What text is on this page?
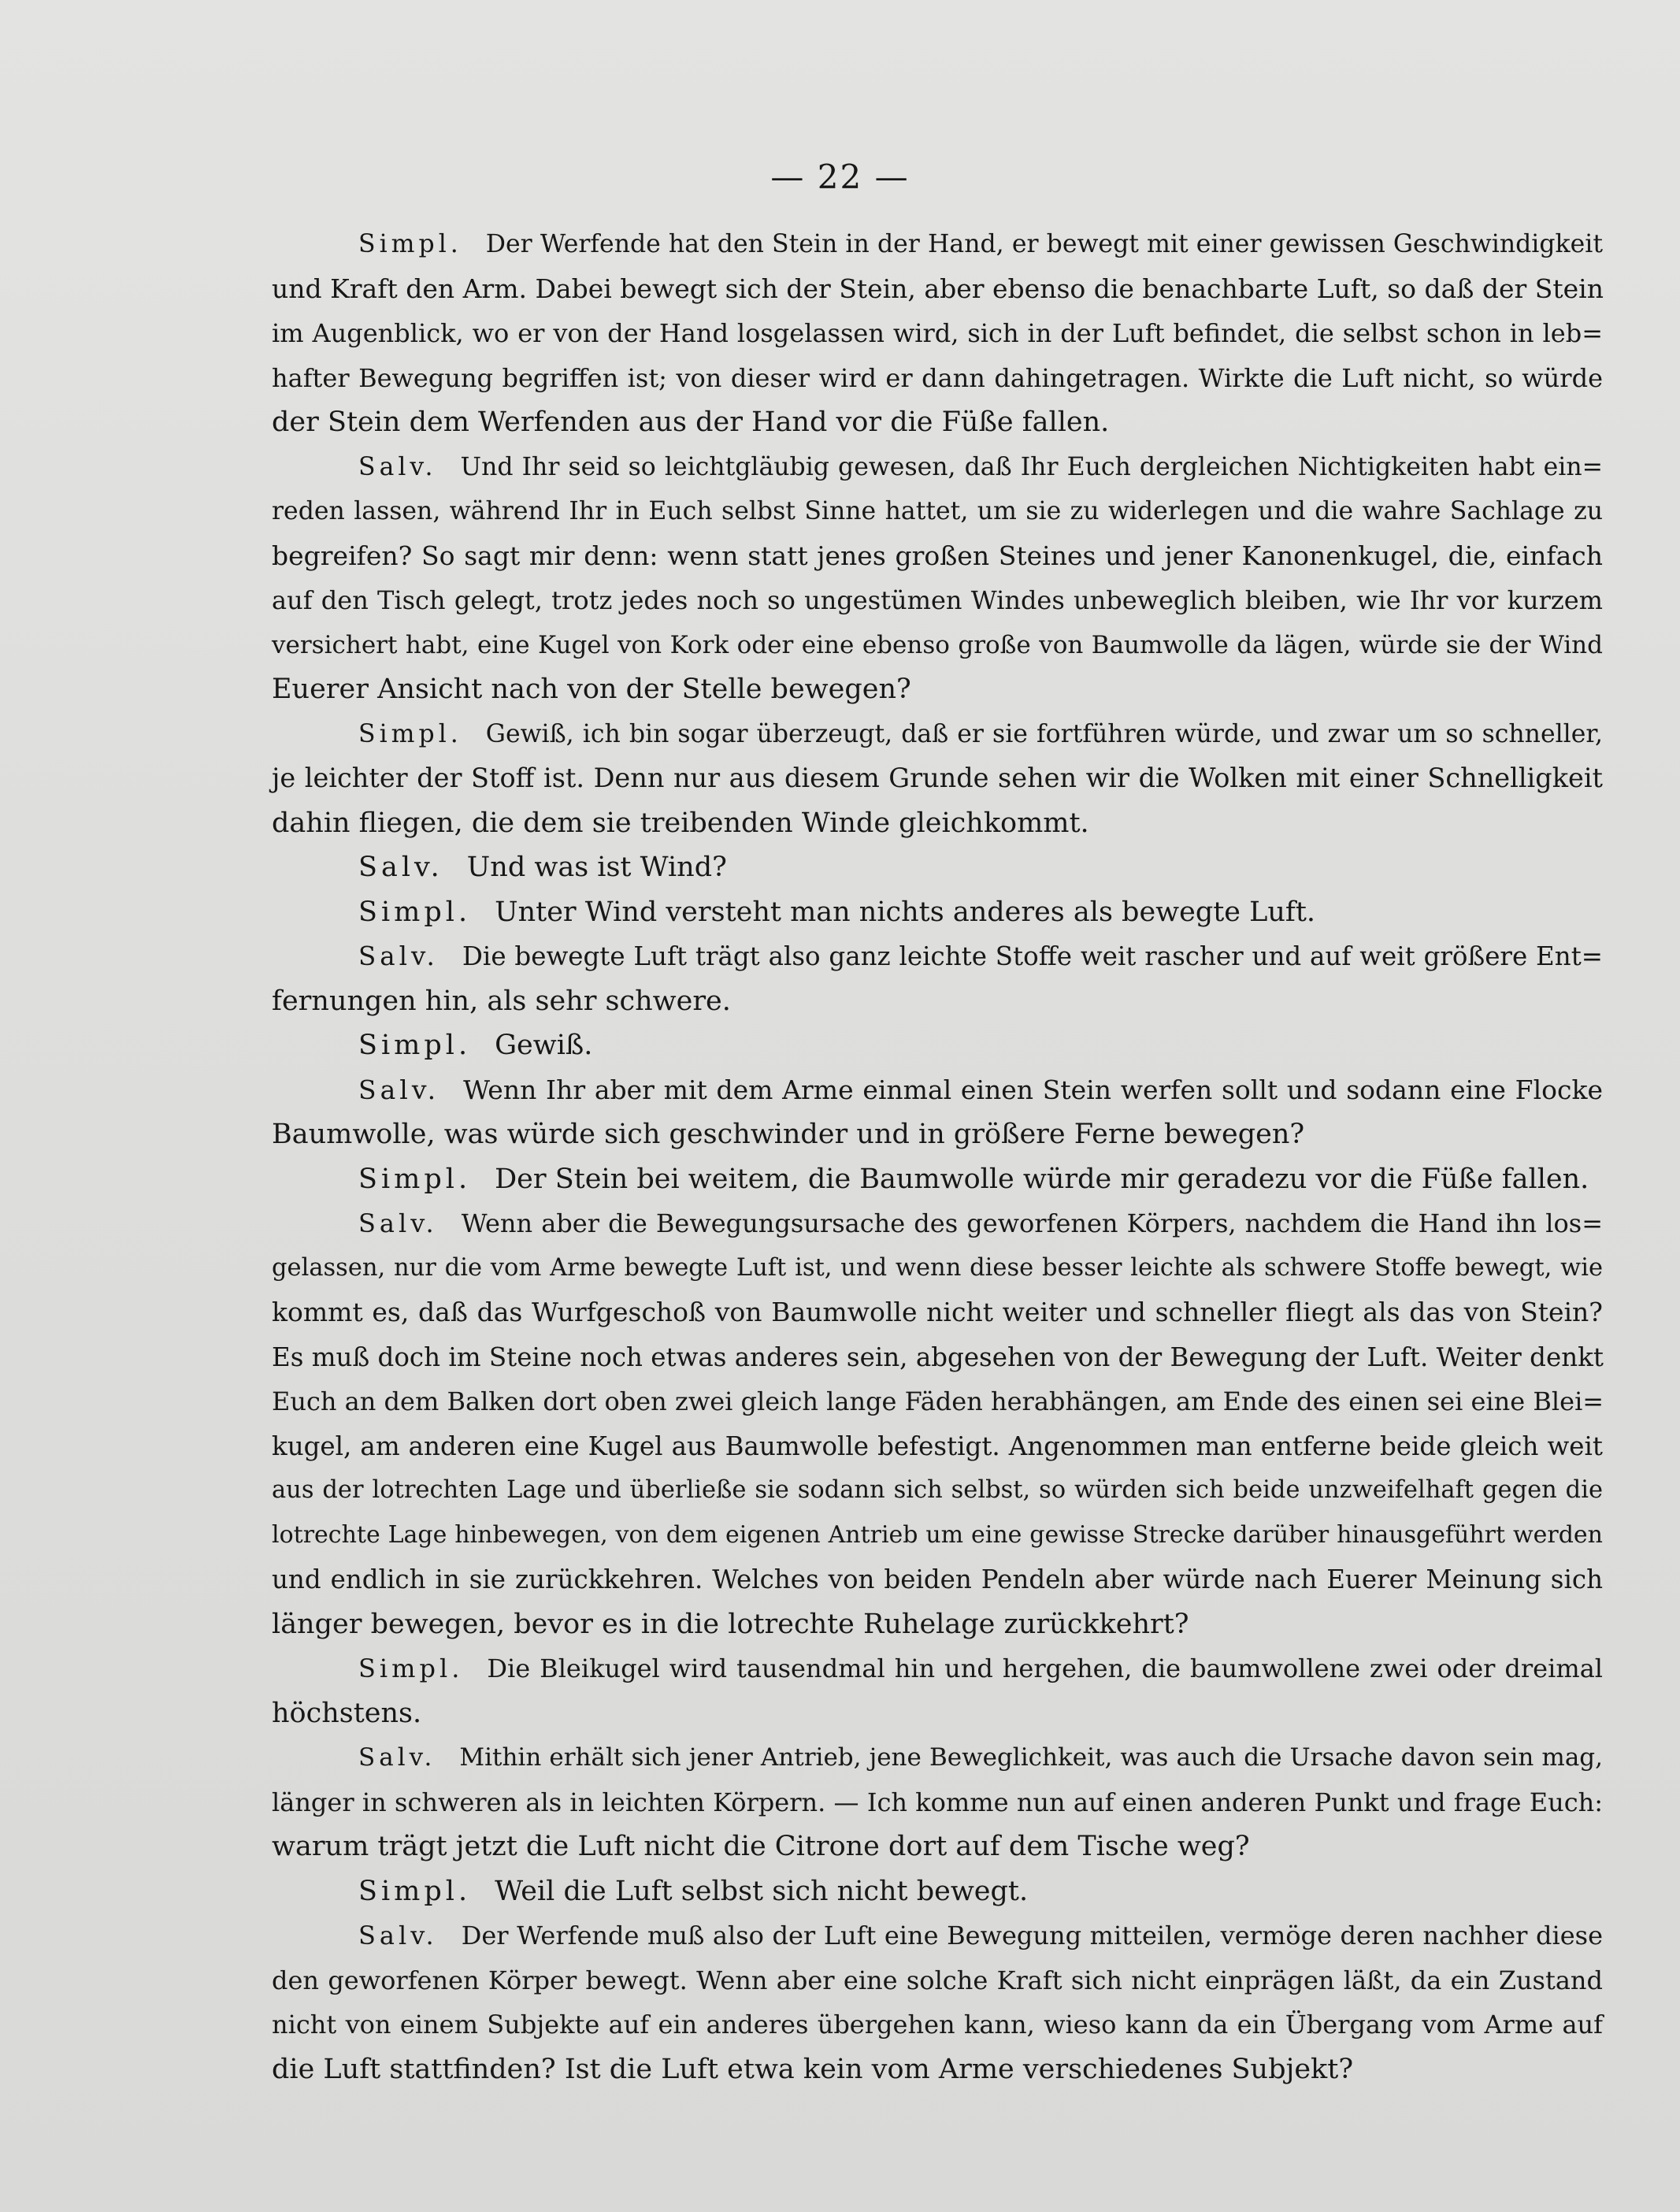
— 22 —
Simpl. Der Werfende hat den Stein in der Hand, er bewegt mit einer gewissen Geschwindigkeit
und Kraft den Arm. Dabei bewegt sich der Stein, aber ebenso die benachbarte Luft, so daß der Stein
im Augenblick, wo er von der Hand losgelassen wird, sich in der Luft befindet, die selbst schon in leb=
hafter Bewegung begriffen ist; von dieser wird er dann dahingetragen. Wirkte die Luft nicht, so würde
der Stein dem Werfenden aus der Hand vor die Füße fallen.
Salv. Und Ihr seid so leichtgläubig gewesen, daß Ihr Euch dergleichen Nichtigkeiten habt ein=
reden lassen, während Ihr in Euch selbst Sinne hattet, um sie zu widerlegen und die wahre Sachlage zu
begreifen? So sagt mir denn: wenn statt jenes großen Steines und jener Kanonenkugel, die, einfach
auf den Tisch gelegt, trotz jedes noch so ungestümen Windes unbeweglich bleiben, wie Ihr vor kurzem
versichert habt, eine Kugel von Kork oder eine ebenso große von Baumwolle da lägen, würde sie der Wind
Euerer Ansicht nach von der Stelle bewegen?
Simpl. Gewiß, ich bin sogar überzeugt, daß er sie fortführen würde, und zwar um so schneller,
je leichter der Stoff ist. Denn nur aus diesem Grunde sehen wir die Wolken mit einer Schnelligkeit
dahin fliegen, die dem sie treibenden Winde gleichkommt.
Salv. Und was ist Wind?
Simpl. Unter Wind versteht man nichts anderes als bewegte Luft.
Salv. Die bewegte Luft trägt also ganz leichte Stoffe weit rascher und auf weit größere Ent=
fernungen hin, als sehr schwere.
Simpl. Gewiß.
Salv. Wenn Ihr aber mit dem Arme einmal einen Stein werfen sollt und sodann eine Flocke
Baumwolle, was würde sich geschwinder und in größere Ferne bewegen?
Simpl. Der Stein bei weitem, die Baumwolle würde mir geradezu vor die Füße fallen.
Salv. Wenn aber die Bewegungsursache des geworfenen Körpers, nachdem die Hand ihn los=
gelassen, nur die vom Arme bewegte Luft ist, und wenn diese besser leichte als schwere Stoffe bewegt, wie
kommt es, daß das Wurfgeschoß von Baumwolle nicht weiter und schneller fliegt als das von Stein?
Es muß doch im Steine noch etwas anderes sein, abgesehen von der Bewegung der Luft. Weiter denkt
Euch an dem Balken dort oben zwei gleich lange Fäden herabhängen, am Ende des einen sei eine Blei=
kugel, am anderen eine Kugel aus Baumwolle befestigt. Angenommen man entferne beide gleich weit
aus der lotrechten Lage und überließe sie sodann sich selbst, so würden sich beide unzweifelhaft gegen die
lotrechte Lage hinbewegen, von dem eigenen Antrieb um eine gewisse Strecke darüber hinausgeführt werden
und endlich in sie zurückkehren. Welches von beiden Pendeln aber würde nach Euerer Meinung sich
länger bewegen, bevor es in die lotrechte Ruhelage zurückkehrt?
Simpl. Die Bleikugel wird tausendmal hin und hergehen, die baumwollene zwei oder dreimal
höchstens.
Salv. Mithin erhält sich jener Antrieb, jene Beweglichkeit, was auch die Ursache davon sein mag,
länger in schweren als in leichten Körpern. — Ich komme nun auf einen anderen Punkt und frage Euch:
warum trägt jetzt die Luft nicht die Citrone dort auf dem Tische weg?
Simpl. Weil die Luft selbst sich nicht bewegt.
Salv. Der Werfende muß also der Luft eine Bewegung mitteilen, vermöge deren nachher diese
den geworfenen Körper bewegt. Wenn aber eine solche Kraft sich nicht einprägen läßt, da ein Zustand
nicht von einem Subjekte auf ein anderes übergehen kann, wieso kann da ein Übergang vom Arme auf
die Luft stattfinden? Ist die Luft etwa kein vom Arme verschiedenes Subjekt?
